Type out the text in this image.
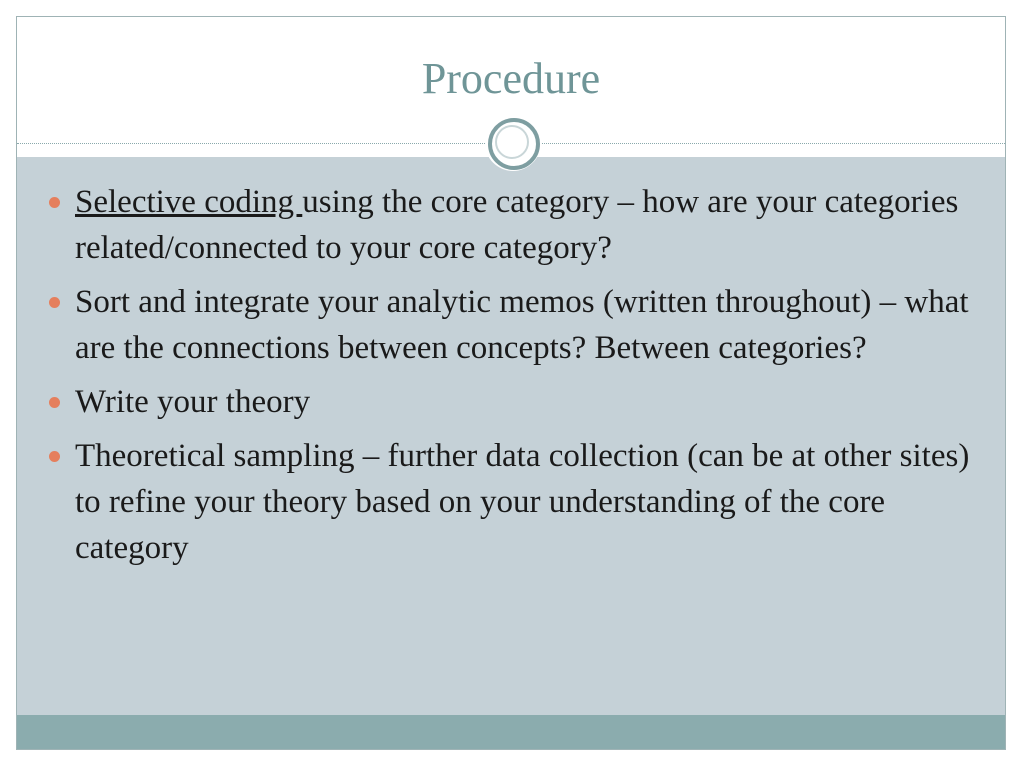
Procedure
Selective coding using the core category – how are your categories related/connected to your core category?
Sort and integrate your analytic memos (written throughout) – what are the connections between concepts? Between categories?
Write your theory
Theoretical sampling – further data collection (can be at other sites) to refine your theory based on your understanding of the core category
